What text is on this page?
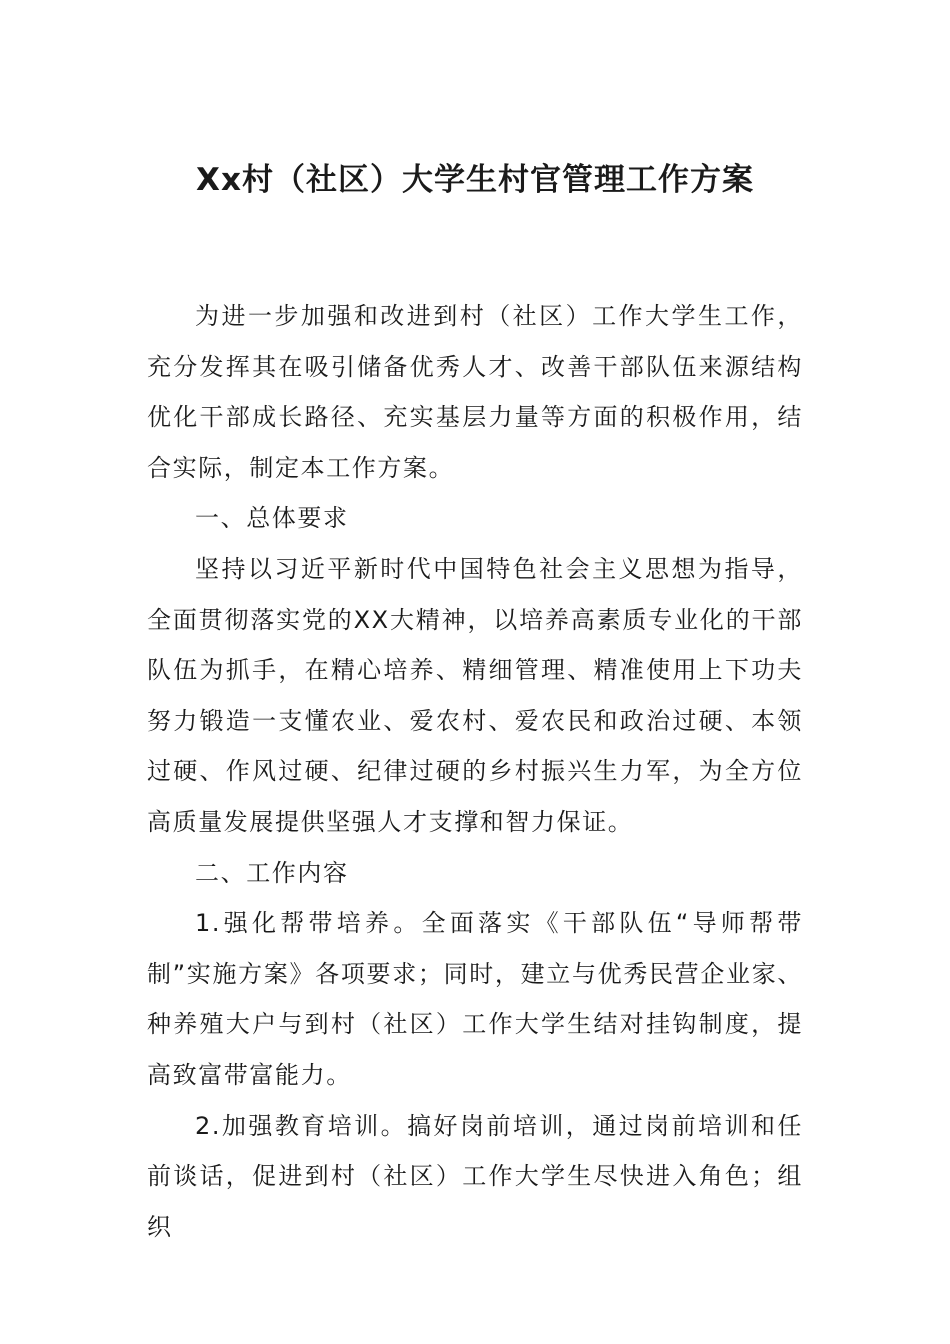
Xx村（社区）大学生村官管理工作方案

为进一步加强和改进到村（社区）工作大学生工作，充分发挥其在吸引储备优秀人才、改善干部队伍来源结构优化干部成长路径、充实基层力量等方面的积极作用，结合实际，制定本工作方案。

一、总体要求

坚持以习近平新时代中国特色社会主义思想为指导，全面贯彻落实党的XX大精神，以培养高素质专业化的干部队伍为抓手，在精心培养、精细管理、精准使用上下功夫努力锻造一支懂农业、爱农村、爱农民和政治过硬、本领过硬、作风过硬、纪律过硬的乡村振兴生力军，为全方位高质量发展提供坚强人才支撑和智力保证。

二、工作内容

1.强化帮带培养。全面落实《干部队伍“导师帮带制”实施方案》各项要求；同时，建立与优秀民营企业家、种养殖大户与到村（社区）工作大学生结对挂钩制度，提高致富带富能力。

2.加强教育培训。搞好岗前培训，通过岗前培训和任前谈话，促进到村（社区）工作大学生尽快进入角色；组织
